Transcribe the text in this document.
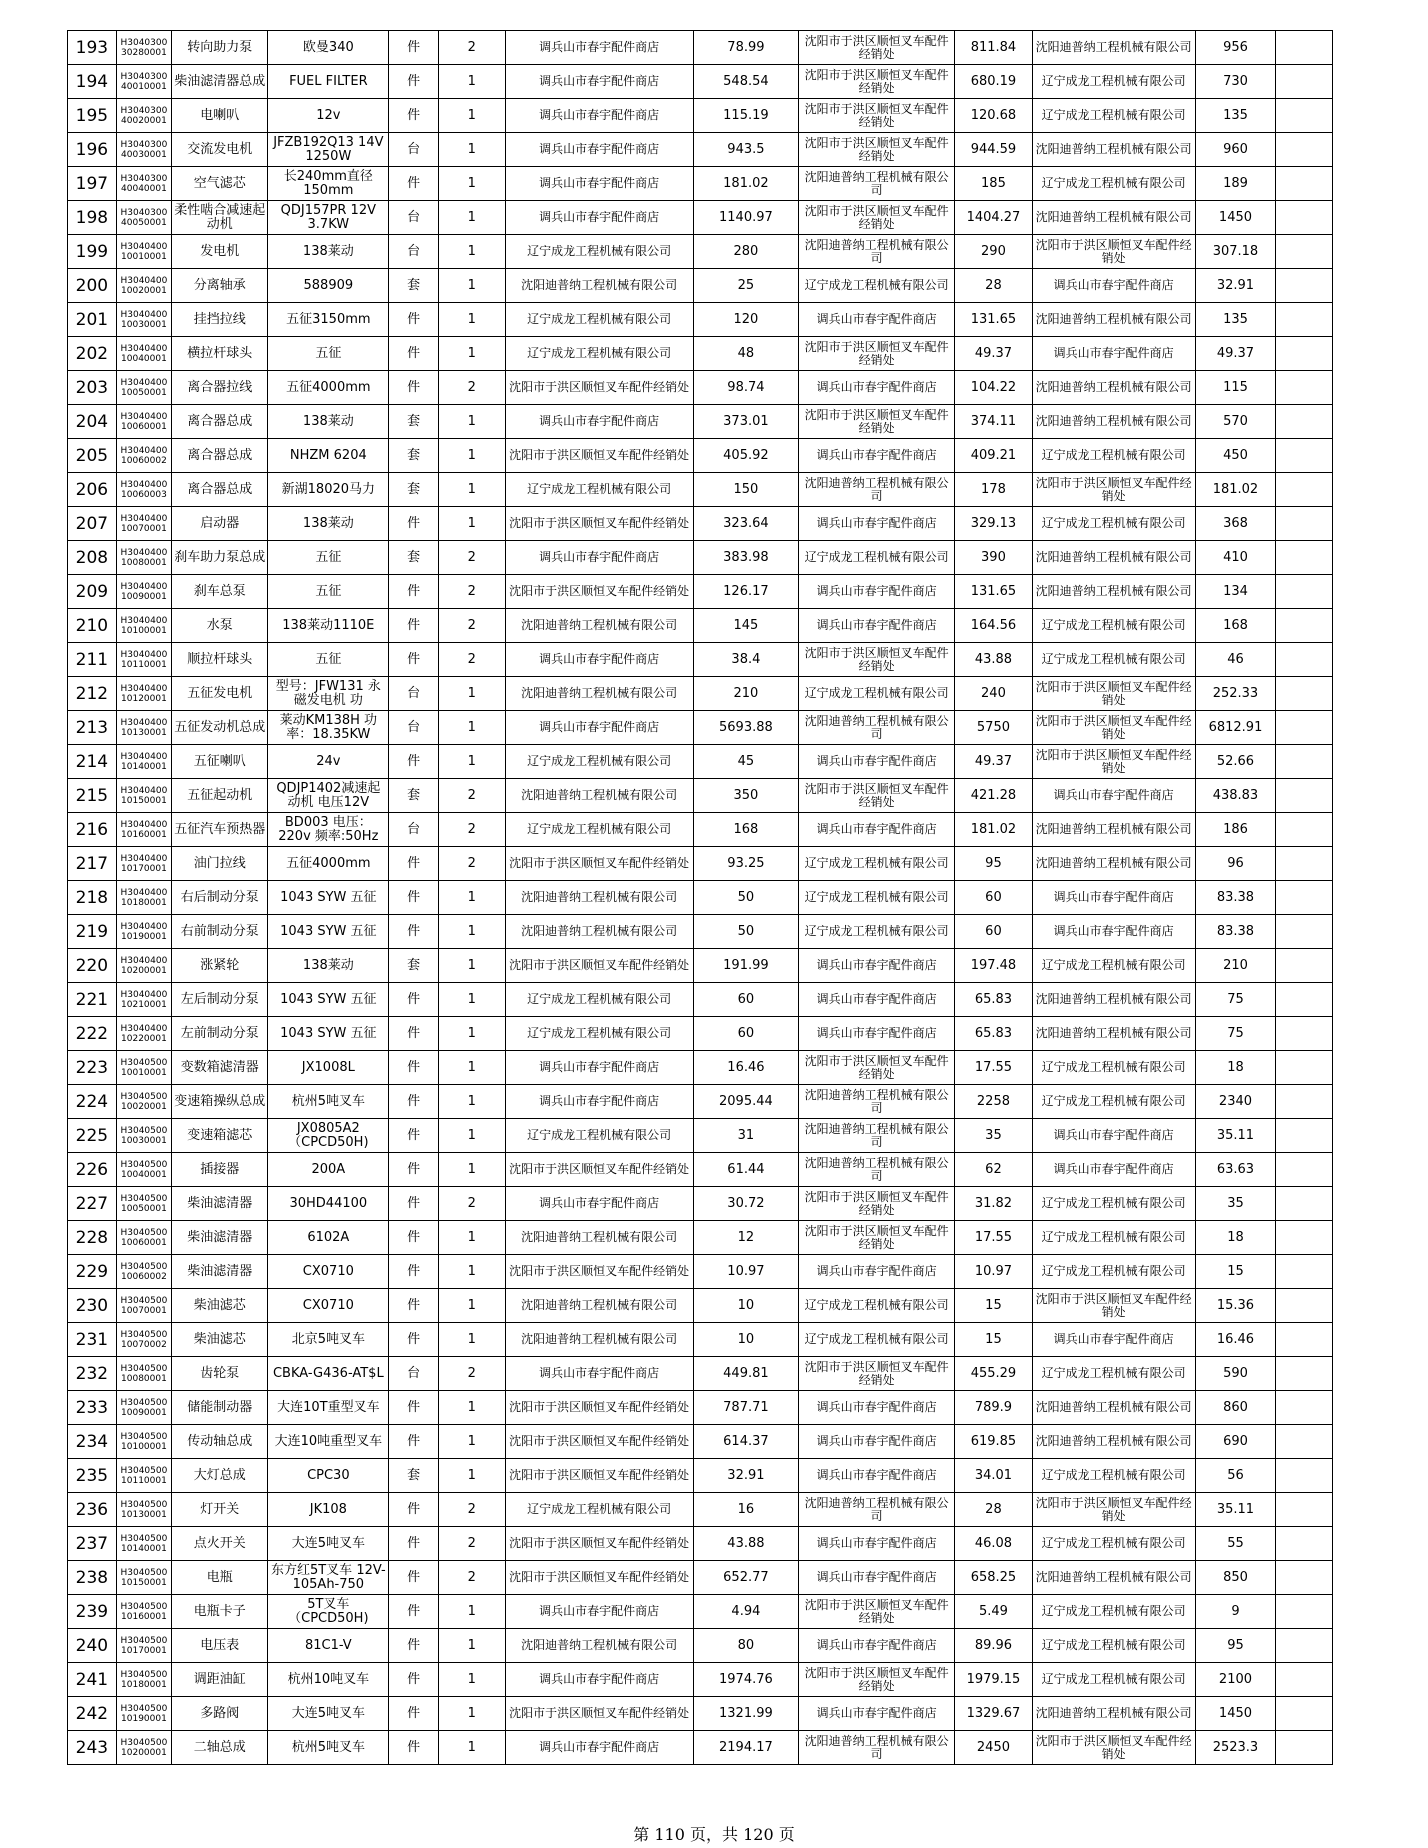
193	H3040300 30280001	转向助力泵	欧曼340	件	2	调兵山市春宇配件商店	78.99	沈阳市于洪区顺恒叉车配件经销处	811.84	沈阳迪普纳工程机械有限公司	956	
194	H3040300 40010001	柴油滤清器总成	FUEL FILTER	件	1	调兵山市春宇配件商店	548.54	沈阳市于洪区顺恒叉车配件经销处	680.19	辽宁成龙工程机械有限公司	730	
195	H3040300 40020001	电喇叭	12v	件	1	调兵山市春宇配件商店	115.19	沈阳市于洪区顺恒叉车配件经销处	120.68	辽宁成龙工程机械有限公司	135	
196	H3040300 40030001	交流发电机	JFZB192Q13 14V 1250W	台	1	调兵山市春宇配件商店	943.5	沈阳市于洪区顺恒叉车配件经销处	944.59	沈阳迪普纳工程机械有限公司	960	
197	H3040300 40040001	空气滤芯	长240mm直径150mm	件	1	调兵山市春宇配件商店	181.02	沈阳迪普纳工程机械有限公司	185	辽宁成龙工程机械有限公司	189	
198	H3040300 40050001	柔性啮合减速起动机	QDJ157PR 12V 3.7KW	台	1	调兵山市春宇配件商店	1140.97	沈阳市于洪区顺恒叉车配件经销处	1404.27	沈阳迪普纳工程机械有限公司	1450	
199	H3040400 10010001	发电机	138莱动	台	1	辽宁成龙工程机械有限公司	280	沈阳迪普纳工程机械有限公司	290	沈阳市于洪区顺恒叉车配件经销处	307.18	
200	H3040400 10020001	分离轴承	588909	套	1	沈阳迪普纳工程机械有限公司	25	辽宁成龙工程机械有限公司	28	调兵山市春宇配件商店	32.91	
201	H3040400 10030001	挂挡拉线	五征3150mm	件	1	辽宁成龙工程机械有限公司	120	调兵山市春宇配件商店	131.65	沈阳迪普纳工程机械有限公司	135	
202	H3040400 10040001	横拉杆球头	五征	件	1	辽宁成龙工程机械有限公司	48	沈阳市于洪区顺恒叉车配件经销处	49.37	调兵山市春宇配件商店	49.37	
203	H3040400 10050001	离合器拉线	五征4000mm	件	2	沈阳市于洪区顺恒叉车配件经销处	98.74	调兵山市春宇配件商店	104.22	沈阳迪普纳工程机械有限公司	115	
204	H3040400 10060001	离合器总成	138莱动	套	1	调兵山市春宇配件商店	373.01	沈阳市于洪区顺恒叉车配件经销处	374.11	沈阳迪普纳工程机械有限公司	570	
205	H3040400 10060002	离合器总成	NHZM 6204	套	1	沈阳市于洪区顺恒叉车配件经销处	405.92	调兵山市春宇配件商店	409.21	辽宁成龙工程机械有限公司	450	
206	H3040400 10060003	离合器总成	新湖18020马力	套	1	辽宁成龙工程机械有限公司	150	沈阳迪普纳工程机械有限公司	178	沈阳市于洪区顺恒叉车配件经销处	181.02	
207	H3040400 10070001	启动器	138莱动	件	1	沈阳市于洪区顺恒叉车配件经销处	323.64	调兵山市春宇配件商店	329.13	辽宁成龙工程机械有限公司	368	
208	H3040400 10080001	刹车助力泵总成	五征	套	2	调兵山市春宇配件商店	383.98	辽宁成龙工程机械有限公司	390	沈阳迪普纳工程机械有限公司	410	
209	H3040400 10090001	刹车总泵	五征	件	2	沈阳市于洪区顺恒叉车配件经销处	126.17	调兵山市春宇配件商店	131.65	沈阳迪普纳工程机械有限公司	134	
210	H3040400 10100001	水泵	138莱动1110E	件	2	沈阳迪普纳工程机械有限公司	145	调兵山市春宇配件商店	164.56	辽宁成龙工程机械有限公司	168	
211	H3040400 10110001	顺拉杆球头	五征	件	2	调兵山市春宇配件商店	38.4	沈阳市于洪区顺恒叉车配件经销处	43.88	辽宁成龙工程机械有限公司	46	
212	H3040400 10120001	五征发电机	型号：JFW131 永磁发电机 功	台	1	沈阳迪普纳工程机械有限公司	210	辽宁成龙工程机械有限公司	240	沈阳市于洪区顺恒叉车配件经销处	252.33	
213	H3040400 10130001	五征发动机总成	莱动KM138H 功率：18.35KW	台	1	调兵山市春宇配件商店	5693.88	沈阳迪普纳工程机械有限公司	5750	沈阳市于洪区顺恒叉车配件经销处	6812.91	
214	H3040400 10140001	五征喇叭	24v	件	1	辽宁成龙工程机械有限公司	45	调兵山市春宇配件商店	49.37	沈阳市于洪区顺恒叉车配件经销处	52.66	
215	H3040400 10150001	五征起动机	QDJP1402减速起动机 电压12V	套	2	沈阳迪普纳工程机械有限公司	350	沈阳市于洪区顺恒叉车配件经销处	421.28	调兵山市春宇配件商店	438.83	
216	H3040400 10160001	五征汽车预热器	BD003 电压：220v 频率:50Hz	台	2	辽宁成龙工程机械有限公司	168	调兵山市春宇配件商店	181.02	沈阳迪普纳工程机械有限公司	186	
217	H3040400 10170001	油门拉线	五征4000mm	件	2	沈阳市于洪区顺恒叉车配件经销处	93.25	辽宁成龙工程机械有限公司	95	沈阳迪普纳工程机械有限公司	96	
218	H3040400 10180001	右后制动分泵	1043 SYW 五征	件	1	沈阳迪普纳工程机械有限公司	50	辽宁成龙工程机械有限公司	60	调兵山市春宇配件商店	83.38	
219	H3040400 10190001	右前制动分泵	1043 SYW 五征	件	1	沈阳迪普纳工程机械有限公司	50	辽宁成龙工程机械有限公司	60	调兵山市春宇配件商店	83.38	
220	H3040400 10200001	涨紧轮	138莱动	套	1	沈阳市于洪区顺恒叉车配件经销处	191.99	调兵山市春宇配件商店	197.48	辽宁成龙工程机械有限公司	210	
221	H3040400 10210001	左后制动分泵	1043 SYW 五征	件	1	辽宁成龙工程机械有限公司	60	调兵山市春宇配件商店	65.83	沈阳迪普纳工程机械有限公司	75	
222	H3040400 10220001	左前制动分泵	1043 SYW 五征	件	1	辽宁成龙工程机械有限公司	60	调兵山市春宇配件商店	65.83	沈阳迪普纳工程机械有限公司	75	
223	H3040500 10010001	变数箱滤清器	JX1008L	件	1	调兵山市春宇配件商店	16.46	沈阳市于洪区顺恒叉车配件经销处	17.55	辽宁成龙工程机械有限公司	18	
224	H3040500 10020001	变速箱操纵总成	杭州5吨叉车	件	1	调兵山市春宇配件商店	2095.44	沈阳迪普纳工程机械有限公司	2258	辽宁成龙工程机械有限公司	2340	
225	H3040500 10030001	变速箱滤芯	JX0805A2（CPCD50H)	件	1	辽宁成龙工程机械有限公司	31	沈阳迪普纳工程机械有限公司	35	调兵山市春宇配件商店	35.11	
226	H3040500 10040001	插接器	200A	件	1	沈阳市于洪区顺恒叉车配件经销处	61.44	沈阳迪普纳工程机械有限公司	62	调兵山市春宇配件商店	63.63	
227	H3040500 10050001	柴油滤清器	30HD44100	件	2	调兵山市春宇配件商店	30.72	沈阳市于洪区顺恒叉车配件经销处	31.82	辽宁成龙工程机械有限公司	35	
228	H3040500 10060001	柴油滤清器	6102A	件	1	沈阳迪普纳工程机械有限公司	12	沈阳市于洪区顺恒叉车配件经销处	17.55	辽宁成龙工程机械有限公司	18	
229	H3040500 10060002	柴油滤清器	CX0710	件	1	沈阳市于洪区顺恒叉车配件经销处	10.97	调兵山市春宇配件商店	10.97	辽宁成龙工程机械有限公司	15	
230	H3040500 10070001	柴油滤芯	CX0710	件	1	沈阳迪普纳工程机械有限公司	10	辽宁成龙工程机械有限公司	15	沈阳市于洪区顺恒叉车配件经销处	15.36	
231	H3040500 10070002	柴油滤芯	北京5吨叉车	件	1	沈阳迪普纳工程机械有限公司	10	辽宁成龙工程机械有限公司	15	调兵山市春宇配件商店	16.46	
232	H3040500 10080001	齿轮泵	CBKA-G436-AT$L	台	2	调兵山市春宇配件商店	449.81	沈阳市于洪区顺恒叉车配件经销处	455.29	辽宁成龙工程机械有限公司	590	
233	H3040500 10090001	储能制动器	大连10T重型叉车	件	1	沈阳市于洪区顺恒叉车配件经销处	787.71	调兵山市春宇配件商店	789.9	沈阳迪普纳工程机械有限公司	860	
234	H3040500 10100001	传动轴总成	大连10吨重型叉车	件	1	沈阳市于洪区顺恒叉车配件经销处	614.37	调兵山市春宇配件商店	619.85	沈阳迪普纳工程机械有限公司	690	
235	H3040500 10110001	大灯总成	CPC30	套	1	沈阳市于洪区顺恒叉车配件经销处	32.91	调兵山市春宇配件商店	34.01	辽宁成龙工程机械有限公司	56	
236	H3040500 10130001	灯开关	JK108	件	2	辽宁成龙工程机械有限公司	16	沈阳迪普纳工程机械有限公司	28	沈阳市于洪区顺恒叉车配件经销处	35.11	
237	H3040500 10140001	点火开关	大连5吨叉车	件	2	沈阳市于洪区顺恒叉车配件经销处	43.88	调兵山市春宇配件商店	46.08	辽宁成龙工程机械有限公司	55	
238	H3040500 10150001	电瓶	东方红5T叉车 12V-105Ah-750	件	2	沈阳市于洪区顺恒叉车配件经销处	652.77	调兵山市春宇配件商店	658.25	沈阳迪普纳工程机械有限公司	850	
239	H3040500 10160001	电瓶卡子	5T叉车（CPCD50H)	件	1	调兵山市春宇配件商店	4.94	沈阳市于洪区顺恒叉车配件经销处	5.49	辽宁成龙工程机械有限公司	9	
240	H3040500 10170001	电压表	81C1-V	件	1	沈阳迪普纳工程机械有限公司	80	调兵山市春宇配件商店	89.96	辽宁成龙工程机械有限公司	95	
241	H3040500 10180001	调距油缸	杭州10吨叉车	件	1	调兵山市春宇配件商店	1974.76	沈阳市于洪区顺恒叉车配件经销处	1979.15	辽宁成龙工程机械有限公司	2100	
242	H3040500 10190001	多路阀	大连5吨叉车	件	1	沈阳市于洪区顺恒叉车配件经销处	1321.99	调兵山市春宇配件商店	1329.67	沈阳迪普纳工程机械有限公司	1450	
243	H3040500 10200001	二轴总成	杭州5吨叉车	件	1	调兵山市春宇配件商店	2194.17	沈阳迪普纳工程机械有限公司	2450	沈阳市于洪区顺恒叉车配件经销处	2523.3	
第 110 页，共 120 页
